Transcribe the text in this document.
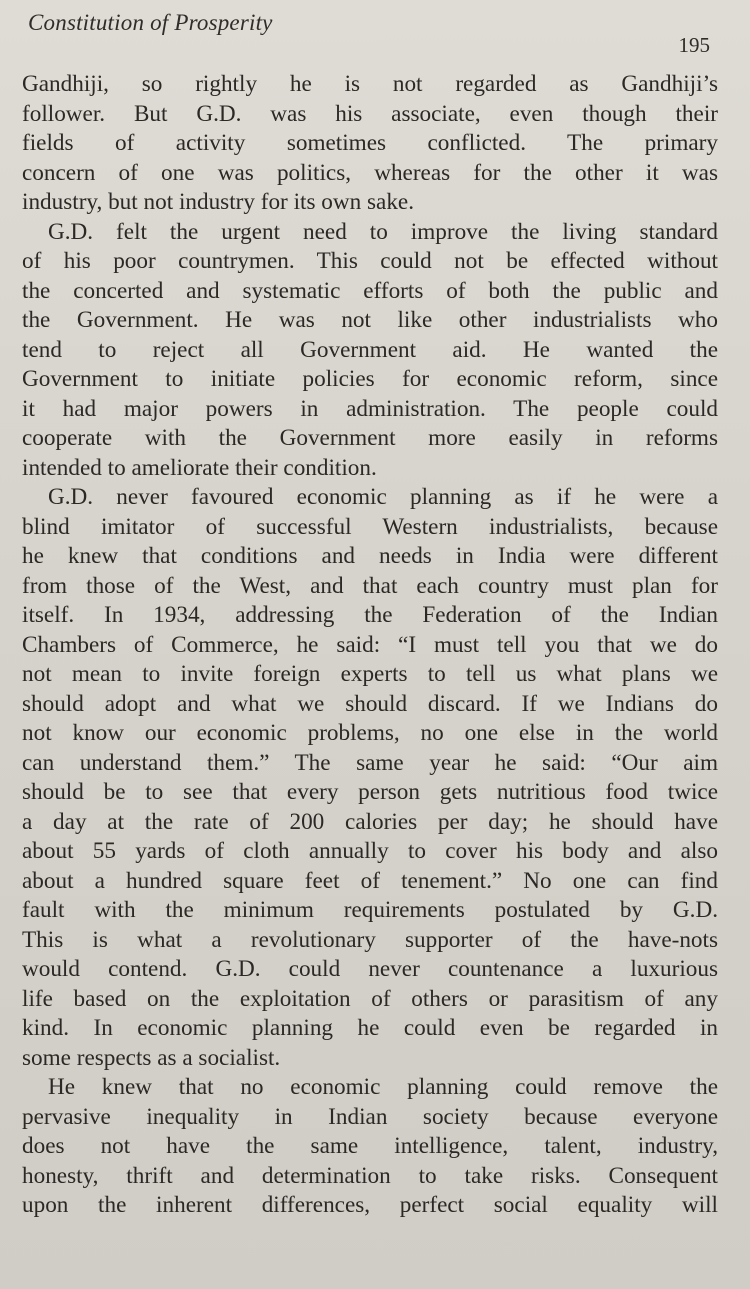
Constitution of Prosperity
195
Gandhiji, so rightly he is not regarded as Gandhiji’s
follower. But G.D. was his associate, even though their
fields of activity sometimes conflicted. The primary
concern of one was politics, whereas for the other it was
industry, but not industry for its own sake.
G.D. felt the urgent need to improve the living standard
of his poor countrymen. This could not be effected without
the concerted and systematic efforts of both the public and
the Government. He was not like other industrialists who
tend to reject all Government aid. He wanted the
Government to initiate policies for economic reform, since
it had major powers in administration. The people could
cooperate with the Government more easily in reforms
intended to ameliorate their condition.
G.D. never favoured economic planning as if he were a
blind imitator of successful Western industrialists, because
he knew that conditions and needs in India were different
from those of the West, and that each country must plan for
itself. In 1934, addressing the Federation of the Indian
Chambers of Commerce, he said: “I must tell you that we do
not mean to invite foreign experts to tell us what plans we
should adopt and what we should discard. If we Indians do
not know our economic problems, no one else in the world
can understand them.” The same year he said: “Our aim
should be to see that every person gets nutritious food twice
a day at the rate of 200 calories per day; he should have
about 55 yards of cloth annually to cover his body and also
about a hundred square feet of tenement.” No one can find
fault with the minimum requirements postulated by G.D.
This is what a revolutionary supporter of the have-nots
would contend. G.D. could never countenance a luxurious
life based on the exploitation of others or parasitism of any
kind. In economic planning he could even be regarded in
some respects as a socialist.
He knew that no economic planning could remove the
pervasive inequality in Indian society because everyone
does not have the same intelligence, talent, industry,
honesty, thrift and determination to take risks. Consequent
upon the inherent differences, perfect social equality will
